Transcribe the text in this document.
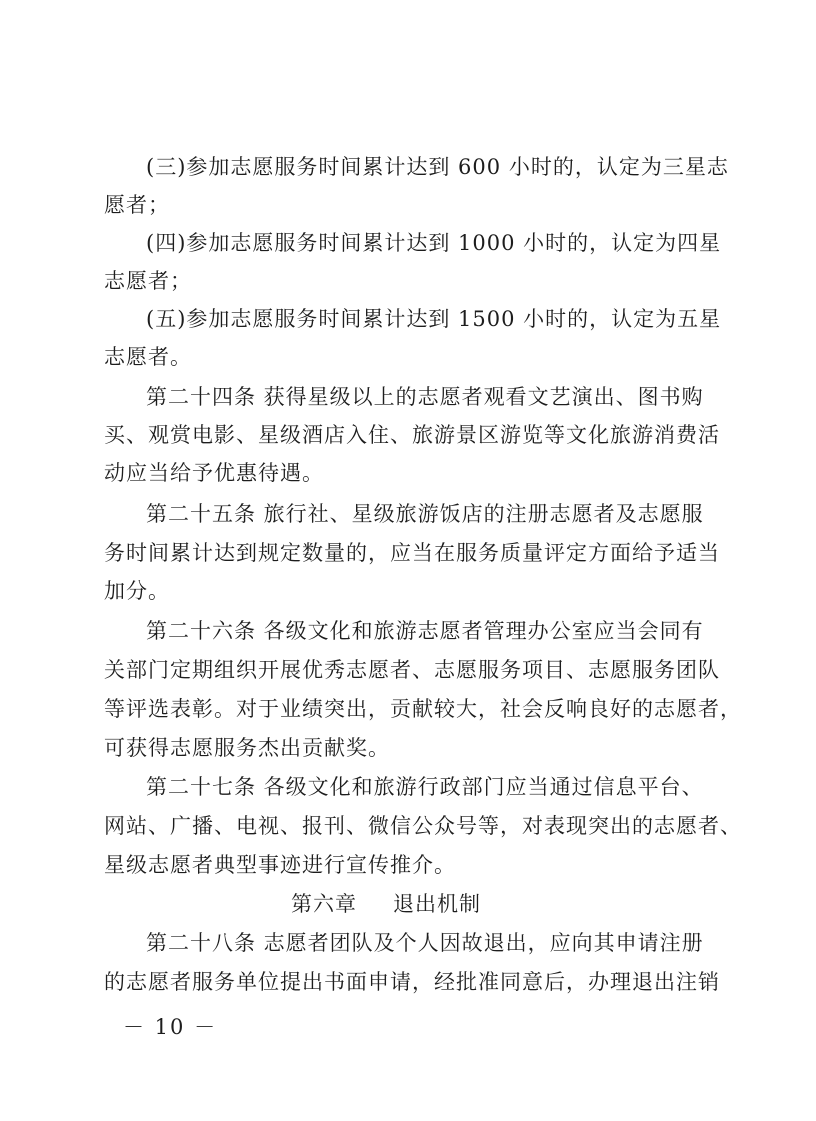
(三)参加志愿服务时间累计达到 600 小时的，认定为三星志
愿者；
(四)参加志愿服务时间累计达到 1000 小时的，认定为四星
志愿者；
(五)参加志愿服务时间累计达到 1500 小时的，认定为五星
志愿者。
第二十四条 获得星级以上的志愿者观看文艺演出、图书购
买、观赏电影、星级酒店入住、旅游景区游览等文化旅游消费活
动应当给予优惠待遇。
第二十五条 旅行社、星级旅游饭店的注册志愿者及志愿服
务时间累计达到规定数量的，应当在服务质量评定方面给予适当
加分。
第二十六条 各级文化和旅游志愿者管理办公室应当会同有
关部门定期组织开展优秀志愿者、志愿服务项目、志愿服务团队
等评选表彰。对于业绩突出，贡献较大，社会反响良好的志愿者，
可获得志愿服务杰出贡献奖。
第二十七条 各级文化和旅游行政部门应当通过信息平台、
网站、广播、电视、报刊、微信公众号等，对表现突出的志愿者、
星级志愿者典型事迹进行宣传推介。
第六章 退出机制
第二十八条 志愿者团队及个人因故退出，应向其申请注册
的志愿者服务单位提出书面申请，经批准同意后，办理退出注销
－ 10 －
